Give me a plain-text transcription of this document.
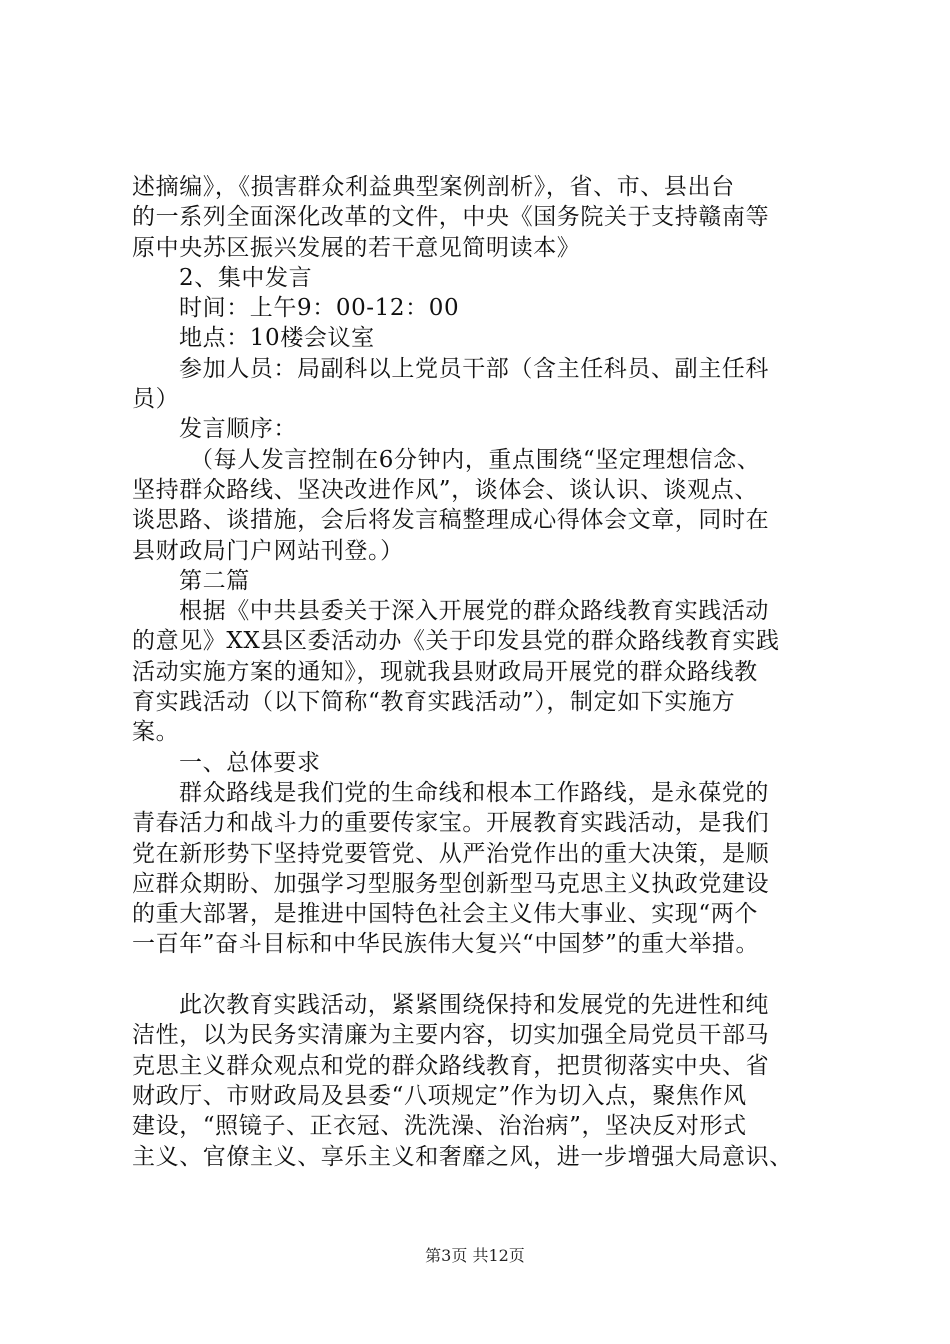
述摘编》，《损害群众利益典型案例剖析》，省、市、县出台
的一系列全面深化改革的文件，中央《国务院关于支持赣南等
原中央苏区振兴发展的若干意见简明读本》
2、集中发言
时间：上午9：00-12：00
地点：10楼会议室
参加人员：局副科以上党员干部（含主任科员、副主任科
员）
发言顺序：
（每人发言控制在6分钟内，重点围绕“坚定理想信念、
坚持群众路线、坚决改进作风”，谈体会、谈认识、谈观点、
谈思路、谈措施，会后将发言稿整理成心得体会文章，同时在
县财政局门户网站刊登。）
第二篇
根据《中共县委关于深入开展党的群众路线教育实践活动
的意见》XX县区委活动办《关于印发县党的群众路线教育实践
活动实施方案的通知》，现就我县财政局开展党的群众路线教
育实践活动（以下简称“教育实践活动”），制定如下实施方
案。
一、总体要求
群众路线是我们党的生命线和根本工作路线，是永葆党的
青春活力和战斗力的重要传家宝。开展教育实践活动，是我们
党在新形势下坚持党要管党、从严治党作出的重大决策，是顺
应群众期盼、加强学习型服务型创新型马克思主义执政党建设
的重大部署，是推进中国特色社会主义伟大事业、实现“两个
一百年”奋斗目标和中华民族伟大复兴“中国梦”的重大举措。
此次教育实践活动，紧紧围绕保持和发展党的先进性和纯
洁性，以为民务实清廉为主要内容，切实加强全局党员干部马
克思主义群众观点和党的群众路线教育，把贯彻落实中央、省
财政厅、市财政局及县委“八项规定”作为切入点，聚焦作风
建设，“照镜子、正衣冠、洗洗澡、治治病”，坚决反对形式
主义、官僚主义、享乐主义和奢靡之风，进一步增强大局意识、
第3页 共12页
